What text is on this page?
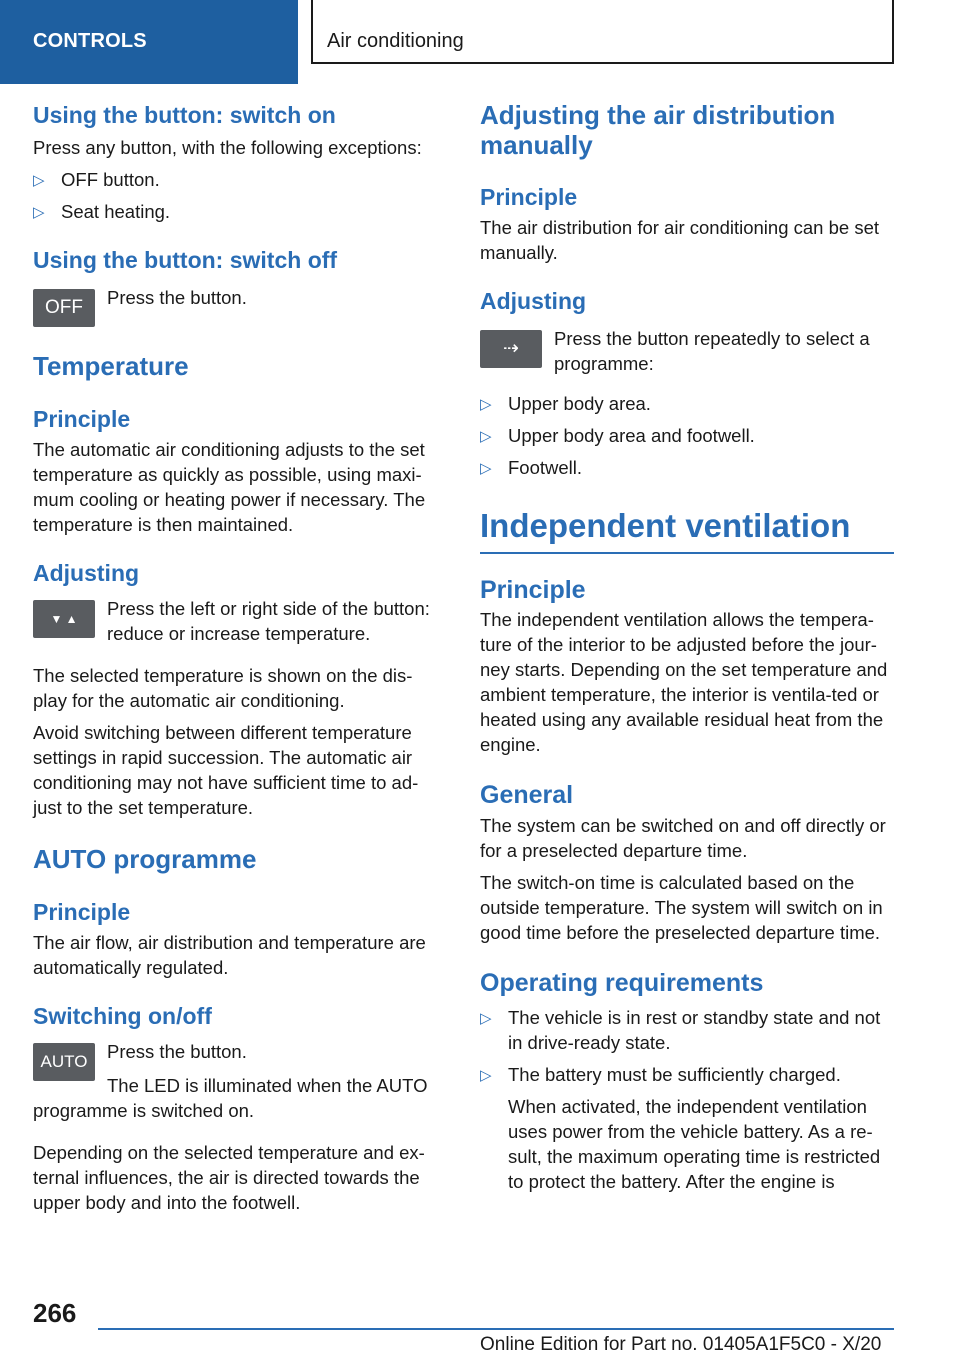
CONTROLS	Air conditioning
Using the button: switch on

Press any button, with the following exceptions:

▷ OFF button.
▷ Seat heating.
Using the button: switch off
OFF	Press the button.
Temperature
Principle

The automatic air conditioning adjusts to the set temperature as quickly as possible, using maxi-mum cooling or heating power if necessary. The temperature is then maintained.

Adjusting
▼ ▲	Press the left or right side of the button: reduce or increase temperature.

The selected temperature is shown on the dis-play for the automatic air conditioning.

Avoid switching between different temperature settings in rapid succession. The automatic air conditioning may not have sufficient time to ad-just to the set temperature.

AUTO programme
Principle

The air flow, air distribution and temperature are automatically regulated.

Switching on/off
AUTO	Press the button.

The LED is illuminated when the AUTO programme is switched on.

Depending on the selected temperature and ex-ternal influences, the air is directed towards the upper body and into the footwell.

Adjusting the air distribution manually
Principle

The air distribution for air conditioning can be set manually.

Adjusting
⇢	Press the button repeatedly to select a programme:
▷ Upper body area.
▷ Upper body area and footwell.
▷ Footwell.
Independent ventilation
Principle

The independent ventilation allows the tempera-ture of the interior to be adjusted before the jour-ney starts. Depending on the set temperature and ambient temperature, the interior is ventila-ted or heated using any available residual heat from the engine.

General

The system can be switched on and off directly or for a preselected departure time.

The switch-on time is calculated based on the outside temperature. The system will switch on in good time before the preselected departure time.

Operating requirements
▷ The vehicle is in rest or standby state and not in drive-ready state.
▷ The battery must be sufficiently charged.

When activated, the independent ventilation uses power from the vehicle battery. As a re-sult, the maximum operating time is restricted to protect the battery. After the engine is

266
Online Edition for Part no. 01405A1F5C0 - X/20
